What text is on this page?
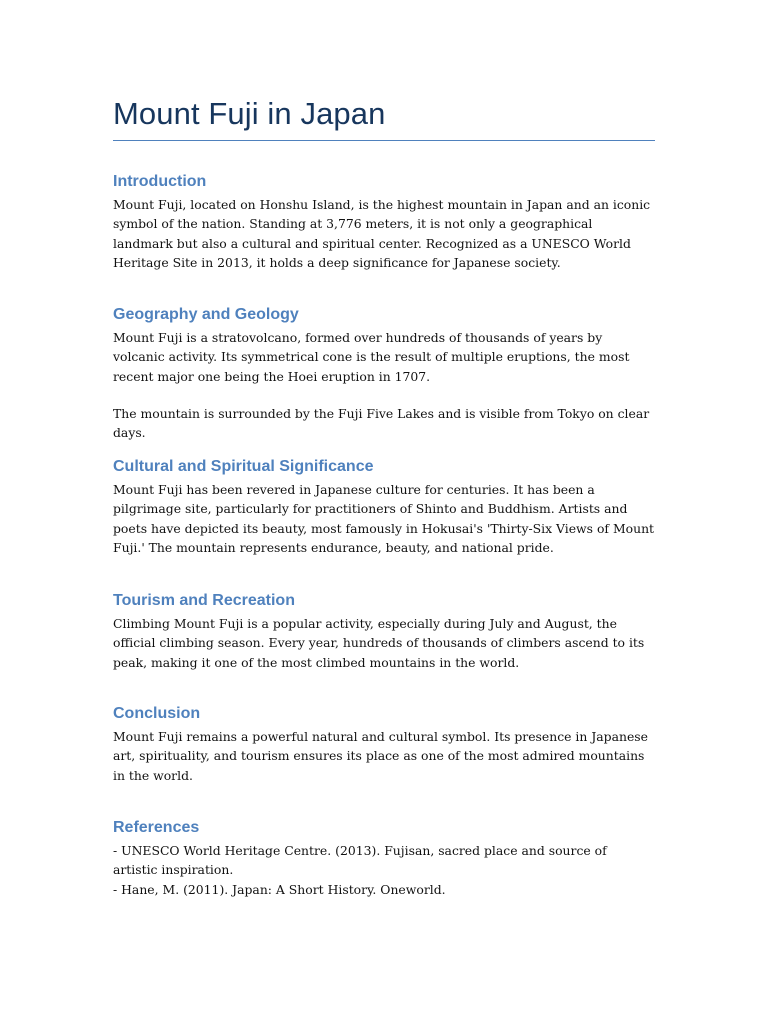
Mount Fuji in Japan
Introduction

Mount Fuji, located on Honshu Island, is the highest mountain in Japan and an iconic symbol of the nation. Standing at 3,776 meters, it is not only a geographical landmark but also a cultural and spiritual center. Recognized as a UNESCO World Heritage Site in 2013, it holds a deep significance for Japanese society.

Geography and Geology

Mount Fuji is a stratovolcano, formed over hundreds of thousands of years by volcanic activity. Its symmetrical cone is the result of multiple eruptions, the most recent major one being the Hoei eruption in 1707.

The mountain is surrounded by the Fuji Five Lakes and is visible from Tokyo on clear days.

Cultural and Spiritual Significance

Mount Fuji has been revered in Japanese culture for centuries. It has been a pilgrimage site, particularly for practitioners of Shinto and Buddhism. Artists and poets have depicted its beauty, most famously in Hokusai's 'Thirty-Six Views of Mount Fuji.' The mountain represents endurance, beauty, and national pride.

Tourism and Recreation

Climbing Mount Fuji is a popular activity, especially during July and August, the official climbing season. Every year, hundreds of thousands of climbers ascend to its peak, making it one of the most climbed mountains in the world.

Conclusion

Mount Fuji remains a powerful natural and cultural symbol. Its presence in Japanese art, spirituality, and tourism ensures its place as one of the most admired mountains in the world.

References

- UNESCO World Heritage Centre. (2013). Fujisan, sacred place and source of artistic inspiration.

- Hane, M. (2011). Japan: A Short History. Oneworld.
